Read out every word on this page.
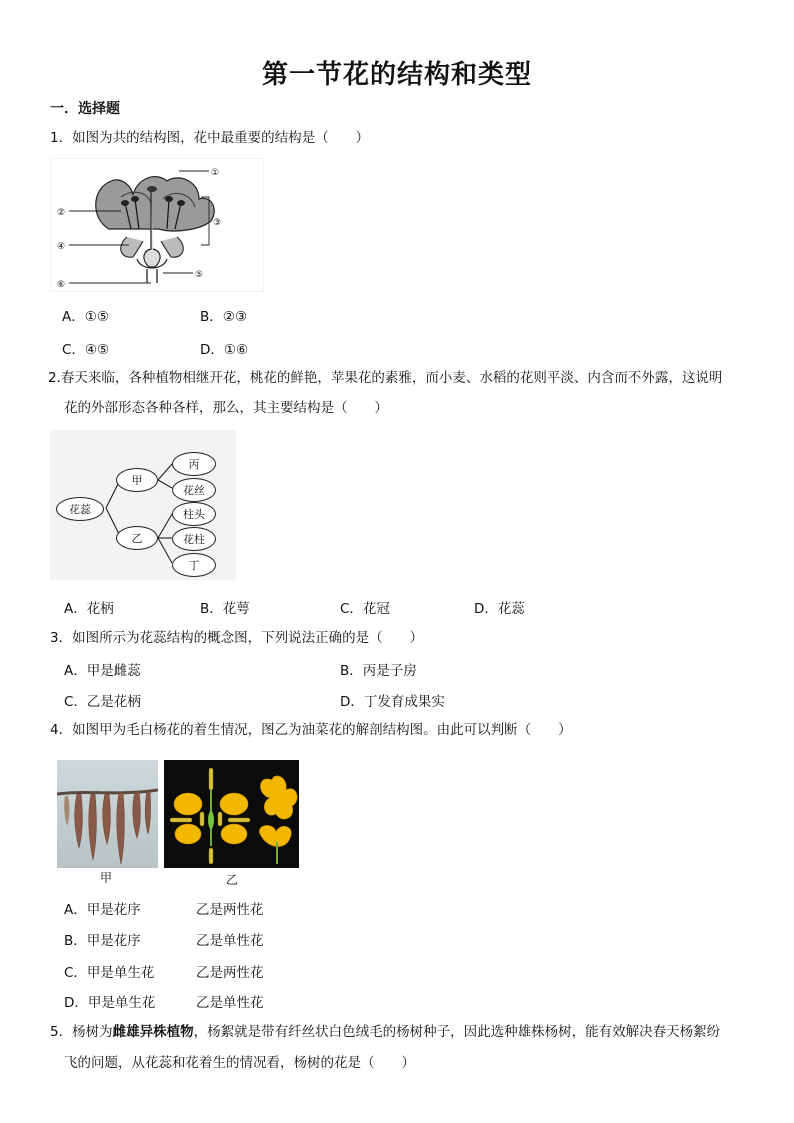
第一节花的结构和类型
一．选择题
1．如图为共的结构图，花中最重要的结构是（　　）
①
②
③
④
⑤
⑥
A．①⑤	B．②③
C．④⑤	D．①⑥
2.春天来临，各种植物相继开花，桃花的鲜艳，苹果花的素雅，而小麦、水稻的花则平淡、内含而不外露，这说明
花的外部形态各种各样，那么，其主要结构是（　　）
花蕊
甲
乙
丙
花丝
柱头
花柱
丁
A．花柄	B．花萼	C．花冠	D．花蕊
3．如图所示为花蕊结构的概念图，下列说法正确的是（　　）
A．甲是雌蕊	B．丙是子房
C．乙是花柄	D．丁发育成果实
4．如图甲为毛白杨花的着生情况，图乙为油菜花的解剖结构图。由此可以判断（　　）
甲	乙
A．甲是花序	乙是两性花
B．甲是花序	乙是单性花
C．甲是单生花	乙是两性花
D．甲是单生花	乙是单性花
5．杨树为雌雄异株植物，杨絮就是带有纤丝状白色绒毛的杨树种子，因此选种雄株杨树，能有效解决春天杨絮纷
飞的问题，从花蕊和花着生的情况看，杨树的花是（　　）
